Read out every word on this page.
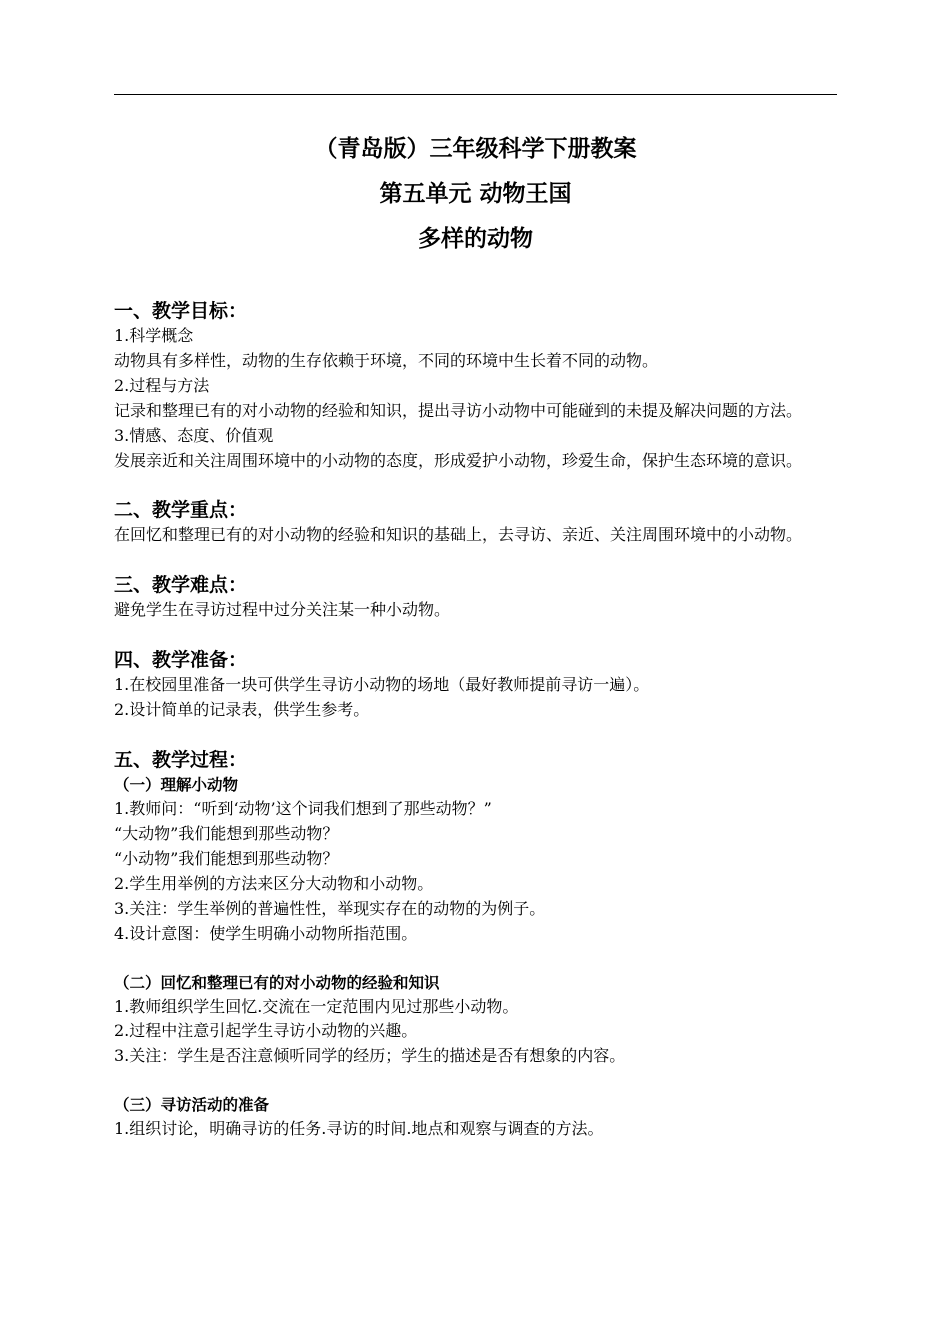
（青岛版）三年级科学下册教案
第五单元 动物王国
多样的动物
一、教学目标：

1.科学概念

动物具有多样性，动物的生存依赖于环境，不同的环境中生长着不同的动物。

2.过程与方法

记录和整理已有的对小动物的经验和知识，提出寻访小动物中可能碰到的未提及解决问题的方法。

3.情感、态度、价值观

发展亲近和关注周围环境中的小动物的态度，形成爱护小动物，珍爱生命，保护生态环境的意识。

二、教学重点：

在回忆和整理已有的对小动物的经验和知识的基础上，去寻访、亲近、关注周围环境中的小动物。

三、教学难点：

避免学生在寻访过程中过分关注某一种小动物。

四、教学准备：

1.在校园里准备一块可供学生寻访小动物的场地（最好教师提前寻访一遍）。

2.设计简单的记录表，供学生参考。

五、教学过程：
（一）理解小动物

1.教师问：“听到‘动物’这个词我们想到了那些动物？”

“大动物”我们能想到那些动物？

“小动物”我们能想到那些动物？

2.学生用举例的方法来区分大动物和小动物。

3.关注：学生举例的普遍性性，举现实存在的动物的为例子。

4.设计意图：使学生明确小动物所指范围。

（二）回忆和整理已有的对小动物的经验和知识

1.教师组织学生回忆.交流在一定范围内见过那些小动物。

2.过程中注意引起学生寻访小动物的兴趣。

3.关注：学生是否注意倾听同学的经历；学生的描述是否有想象的内容。

（三）寻访活动的准备

1.组织讨论，明确寻访的任务.寻访的时间.地点和观察与调查的方法。
